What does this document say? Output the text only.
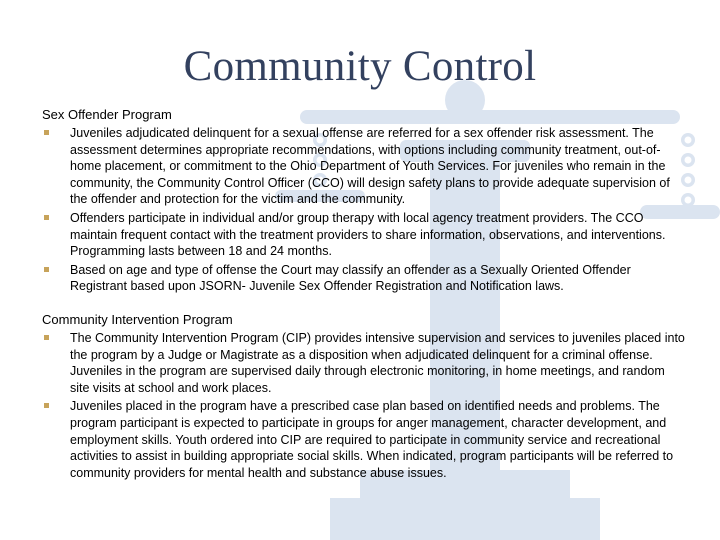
Community Control

Sex Offender Program

Juveniles adjudicated delinquent for a sexual offense are referred for a sex offender risk assessment. The assessment determines appropriate recommendations, with options including community treatment, out-of-home placement, or commitment to the Ohio Department of Youth Services. For juveniles who remain in the community, the Community Control Officer (CCO) will design safety plans to provide adequate supervision of the offender and protection for the victim and the community.
Offenders participate in individual and/or group therapy with local agency treatment providers. The CCO maintain frequent contact with the treatment providers to share information, observations, and interventions. Programming lasts between 18 and 24 months.
Based on age and type of offense the Court may classify an offender as a Sexually Oriented Offender Registrant based upon JSORN- Juvenile Sex Offender Registration and Notification laws.

Community Intervention Program

The Community Intervention Program (CIP) provides intensive supervision and services to juveniles placed into the program by a Judge or Magistrate as a disposition when adjudicated delinquent for a criminal offense. Juveniles in the program are supervised daily through electronic monitoring, in home meetings, and random site visits at school and work places.
Juveniles placed in the program have a prescribed case plan based on identified needs and problems. The program participant is expected to participate in groups for anger management, character development, and employment skills. Youth ordered into CIP are required to participate in community service and recreational activities to assist in building appropriate social skills. When indicated, program participants will be referred to community providers for mental health and substance abuse issues.
